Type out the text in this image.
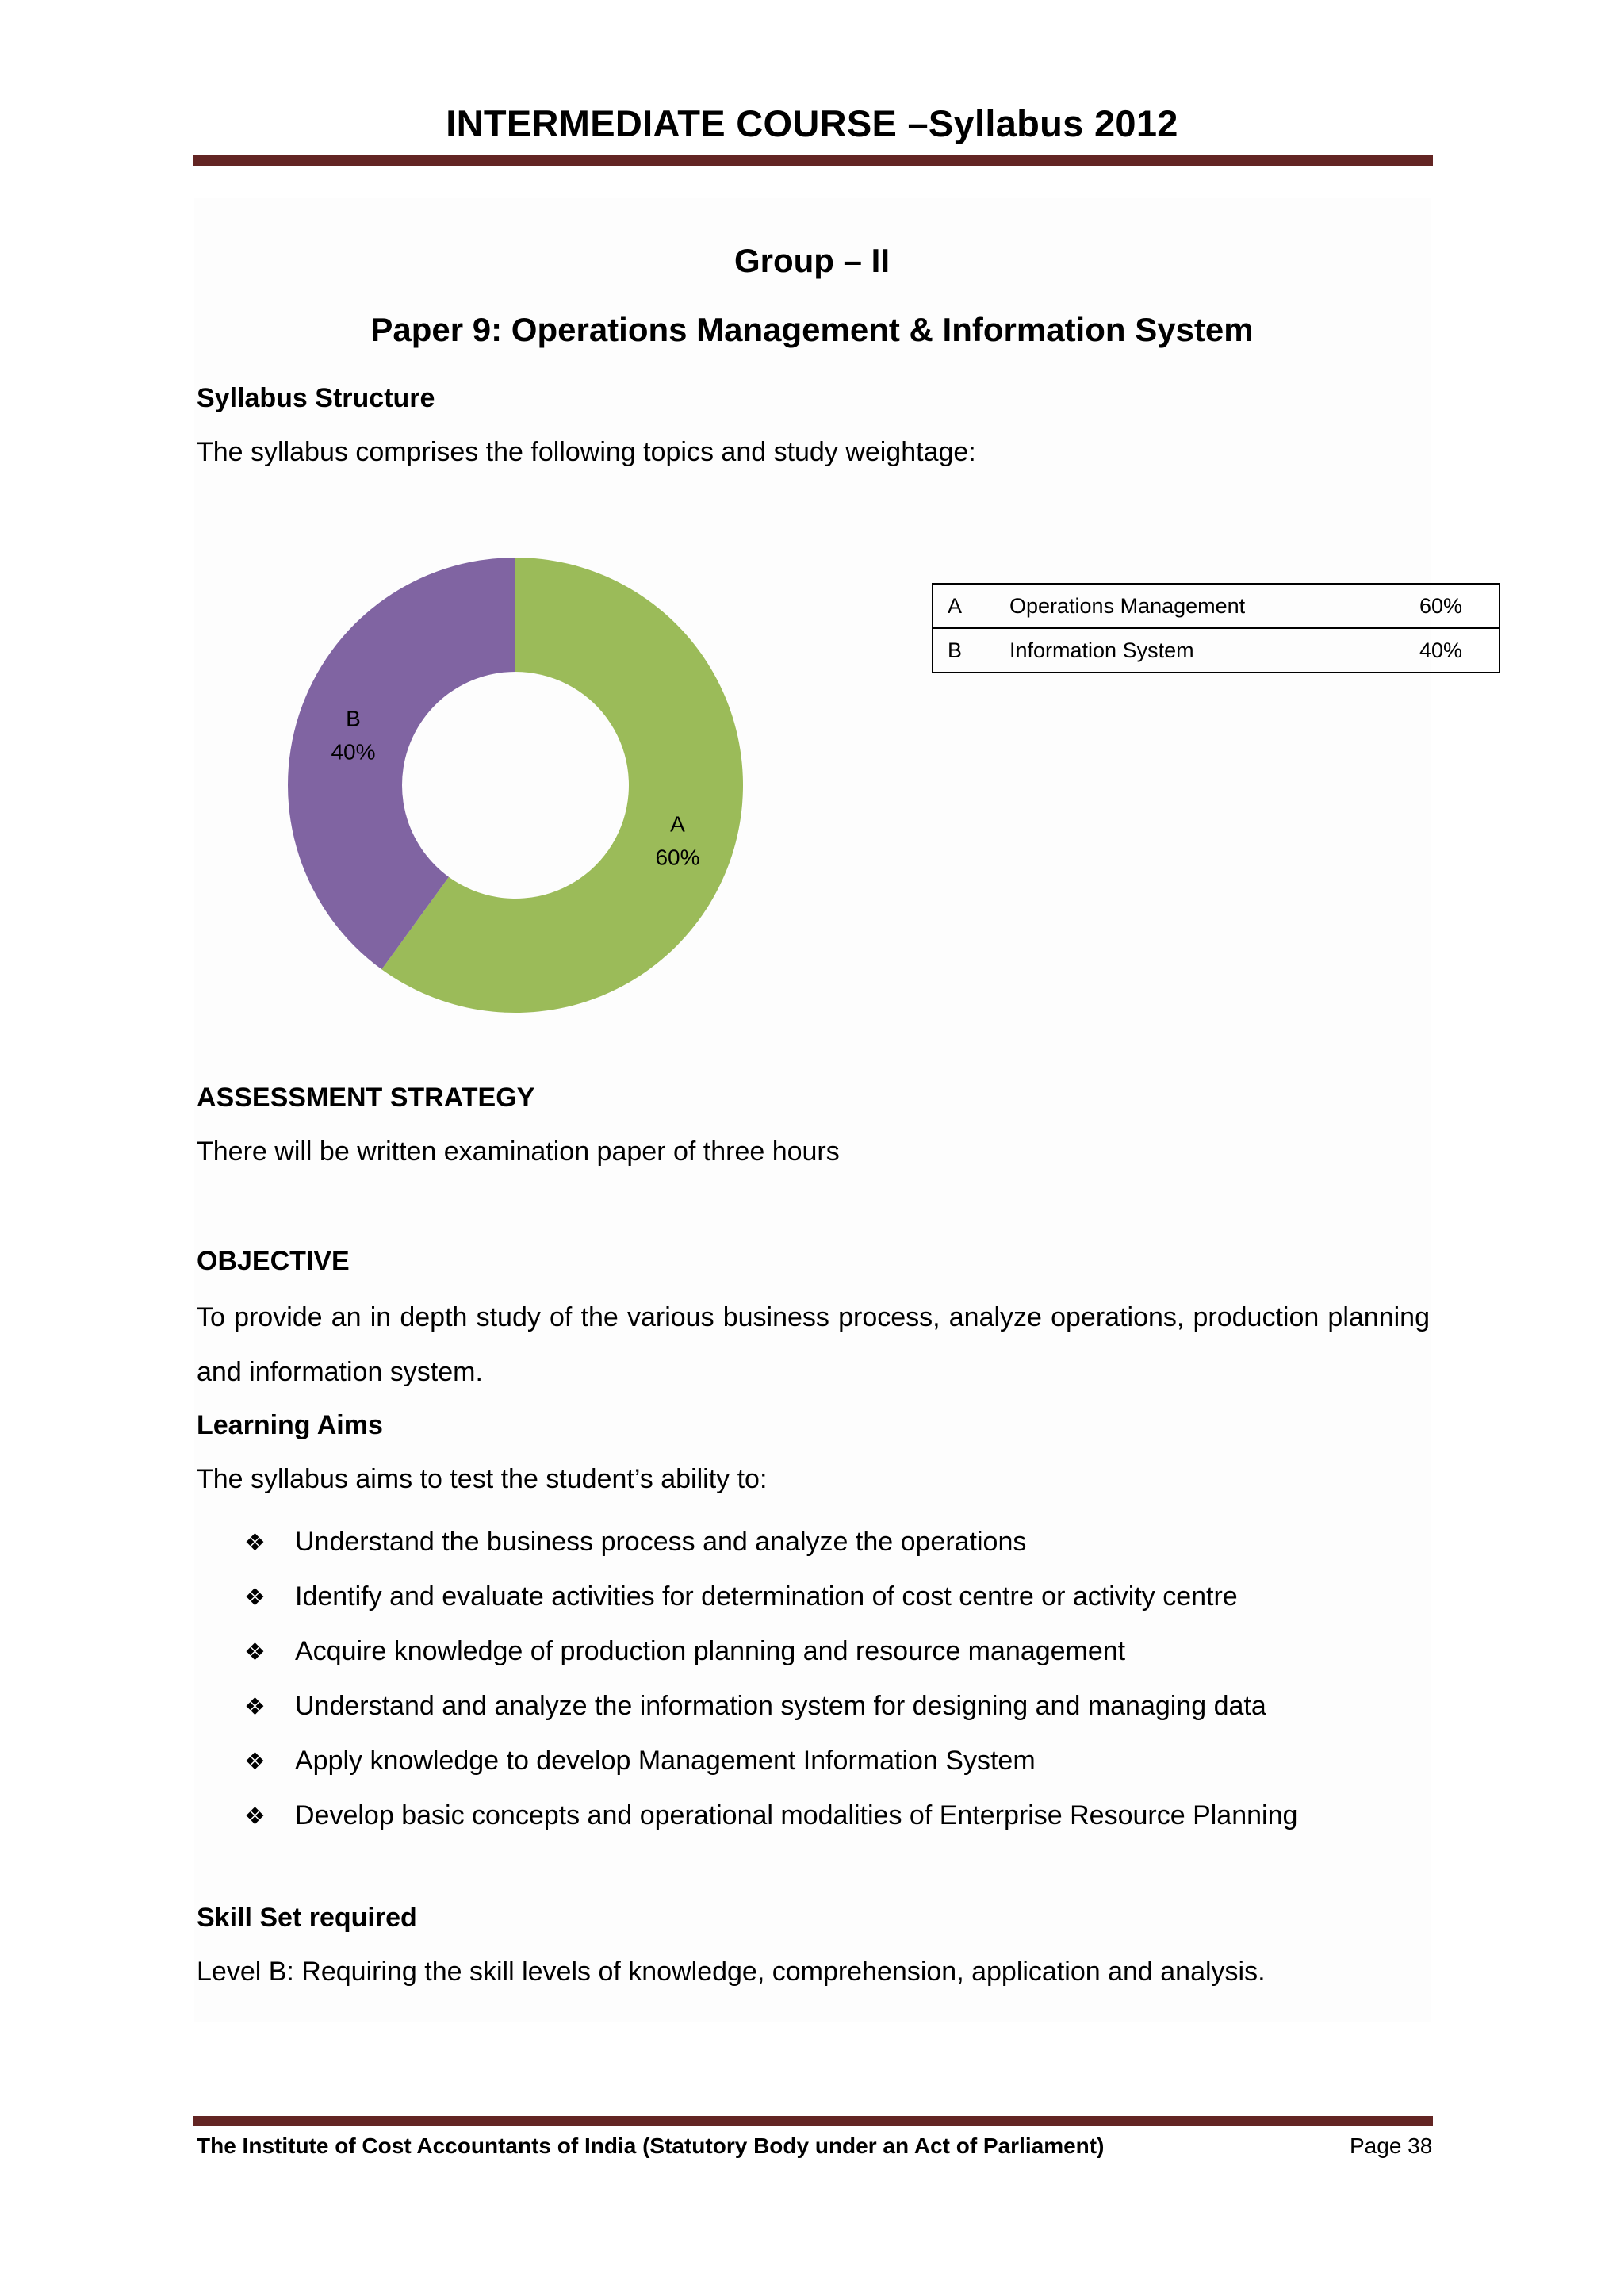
INTERMEDIATE COURSE –Syllabus 2012
Group – II
Paper 9: Operations Management & Information System
Syllabus Structure
The syllabus comprises the following topics and study weightage:
A
60%
B
40%
A	Operations Management	60%
B	Information System	40%
ASSESSMENT STRATEGY
There will be written examination paper of three hours
OBJECTIVE
To provide an in depth study of the various business process, analyze operations, production planning and information system.
Learning Aims
The syllabus aims to test the student’s ability to:
❖ Understand the business process and analyze the operations
❖ Identify and evaluate activities for determination of cost centre or activity centre
❖ Acquire knowledge of production planning and resource management
❖ Understand and analyze the information system for designing and managing data
❖ Apply knowledge to develop Management Information System
❖ Develop basic concepts and operational modalities of Enterprise Resource Planning
Skill Set required
Level B: Requiring the skill levels of knowledge, comprehension, application and analysis.
The Institute of Cost Accountants of India (Statutory Body under an Act of Parliament)	Page 38
